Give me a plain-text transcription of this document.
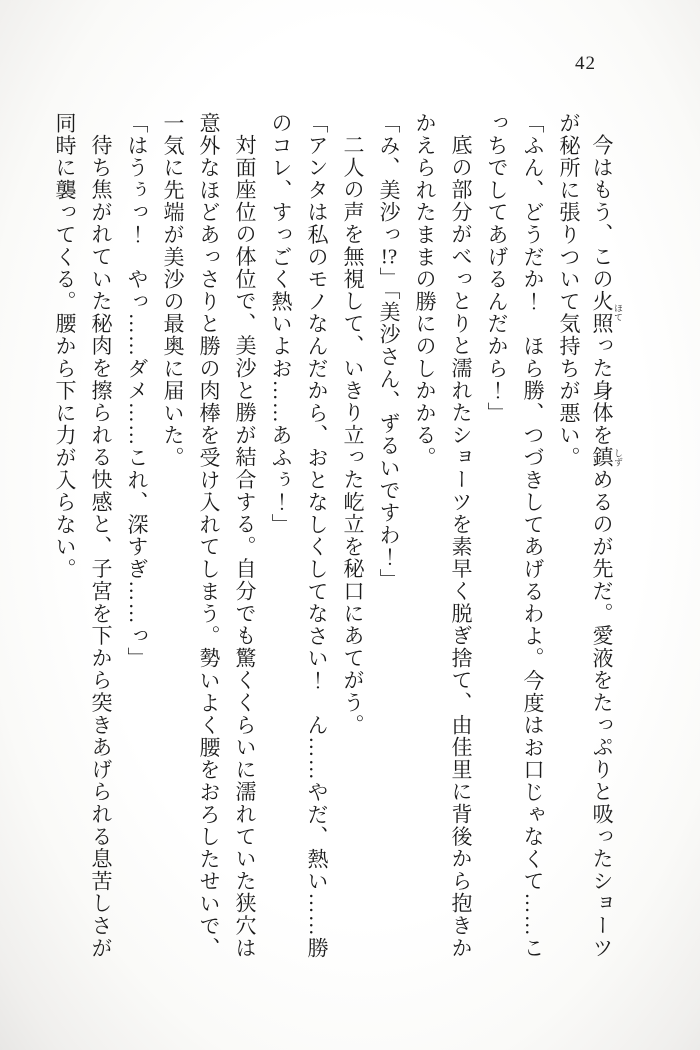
42
今はもう、この火照 ほてった身体を鎮 しずめるのが先だ。愛液をたっぷりと吸ったショーツ
が秘所に張りついて気持ちが悪い。
「ふん、どうだか！　ほら勝、つづきしてあげるわよ。今度はお口じゃなくて……こ
っちでしてあげるんだから！」
底の部分がべっとりと濡れたショーツを素早く脱ぎ捨て、由佳里に背後から抱きか
かえられたままの勝にのしかかる。
「み、美沙っ!?」「美沙さん、ずるいですわ！」
二人の声を無視して、いきり立った屹立を秘口にあてがう。
「アンタは私のモノなんだから、おとなしくしてなさい！　ん……やだ、熱い……勝
のコレ、すっごく熱いよお……あふぅ！」
対面座位の体位で、美沙と勝が結合する。自分でも驚くくらいに濡れていた狭穴は
意外なほどあっさりと勝の肉棒を受け入れてしまう。勢いよく腰をおろしたせいで、
一気に先端が美沙の最奥に届いた。
「はうぅっ！　やっ……ダメ……これ、深すぎ……っ」
待ち焦がれていた秘肉を擦られる快感と、子宮を下から突きあげられる息苦しさが
同時に襲ってくる。腰から下に力が入らない。
